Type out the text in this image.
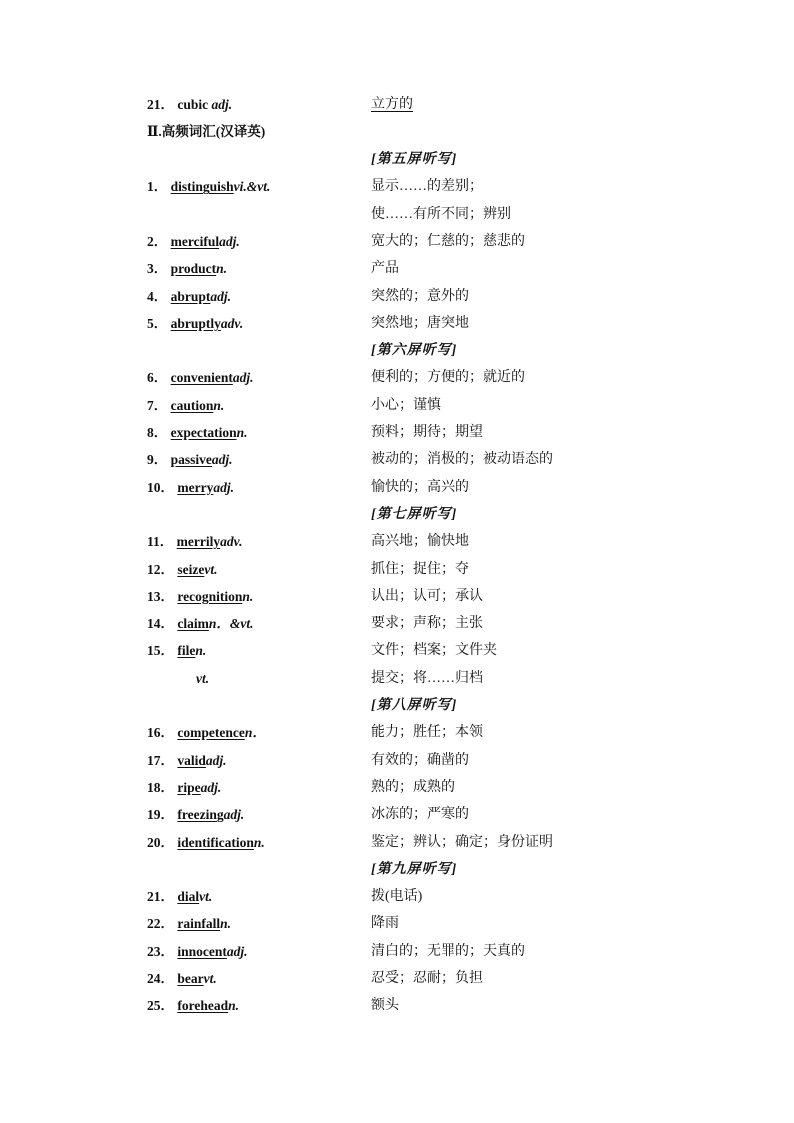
21． cubic adj.	立方的
Ⅱ.高频词汇(汉译英)
[第五屏听写]
1． distinguishvi.&vt.	显示……的差别；
使……有所不同；辨别
2． mercifuladj.	宽大的；仁慈的；慈悲的
3． productn.	产品
4． abruptadj.	突然的；意外的
5． abruptlyadv.	突然地；唐突地
[第六屏听写]
6． convenientadj.	便利的；方便的；就近的
7． cautionn.	小心；谨慎
8． expectationn.	预料；期待；期望
9． passiveadj.	被动的；消极的；被动语态的
10． merryadj.	愉快的；高兴的
[第七屏听写]
11． merrilyadv.	高兴地；愉快地
12． seizevt.	抓住；捉住；夺
13． recognitionn.	认出；认可；承认
14． claimn．&vt.	要求；声称；主张
15． filen.	文件；档案；文件夹
vt.	提交；将……归档
[第八屏听写]
16． competencen．	能力；胜任；本领
17． validadj.	有效的；确凿的
18． ripeadj.	熟的；成熟的
19． freezingadj.	冰冻的；严寒的
20． identificationn.	鉴定；辨认；确定；身份证明
[第九屏听写]
21． dialvt.	拨(电话)
22． rainfalln.	降雨
23． innocentadj.	清白的；无罪的；天真的
24． bearvt.	忍受；忍耐；负担
25． foreheadn.	额头
